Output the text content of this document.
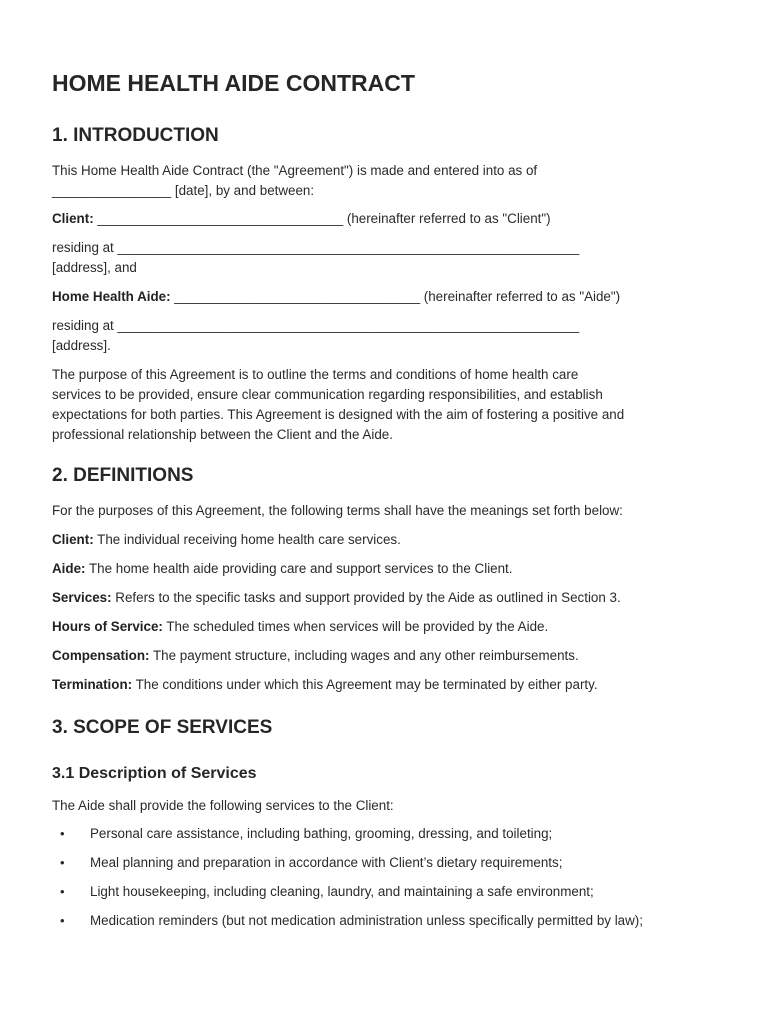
HOME HEALTH AIDE CONTRACT
1. INTRODUCTION
This Home Health Aide Contract (the "Agreement") is made and entered into as of
________________ [date], by and between:
Client: _________________________________ (hereinafter referred to as "Client")
residing at ______________________________________________________________
[address], and
Home Health Aide: _________________________________ (hereinafter referred to as "Aide")
residing at ______________________________________________________________
[address].
The purpose of this Agreement is to outline the terms and conditions of home health care
services to be provided, ensure clear communication regarding responsibilities, and establish
expectations for both parties. This Agreement is designed with the aim of fostering a positive and
professional relationship between the Client and the Aide.
2. DEFINITIONS
For the purposes of this Agreement, the following terms shall have the meanings set forth below:
Client: The individual receiving home health care services.
Aide: The home health aide providing care and support services to the Client.
Services: Refers to the specific tasks and support provided by the Aide as outlined in Section 3.
Hours of Service: The scheduled times when services will be provided by the Aide.
Compensation: The payment structure, including wages and any other reimbursements.
Termination: The conditions under which this Agreement may be terminated by either party.
3. SCOPE OF SERVICES
3.1 Description of Services
The Aide shall provide the following services to the Client:
• Personal care assistance, including bathing, grooming, dressing, and toileting;
• Meal planning and preparation in accordance with Client’s dietary requirements;
• Light housekeeping, including cleaning, laundry, and maintaining a safe environment;
• Medication reminders (but not medication administration unless specifically permitted by law);
